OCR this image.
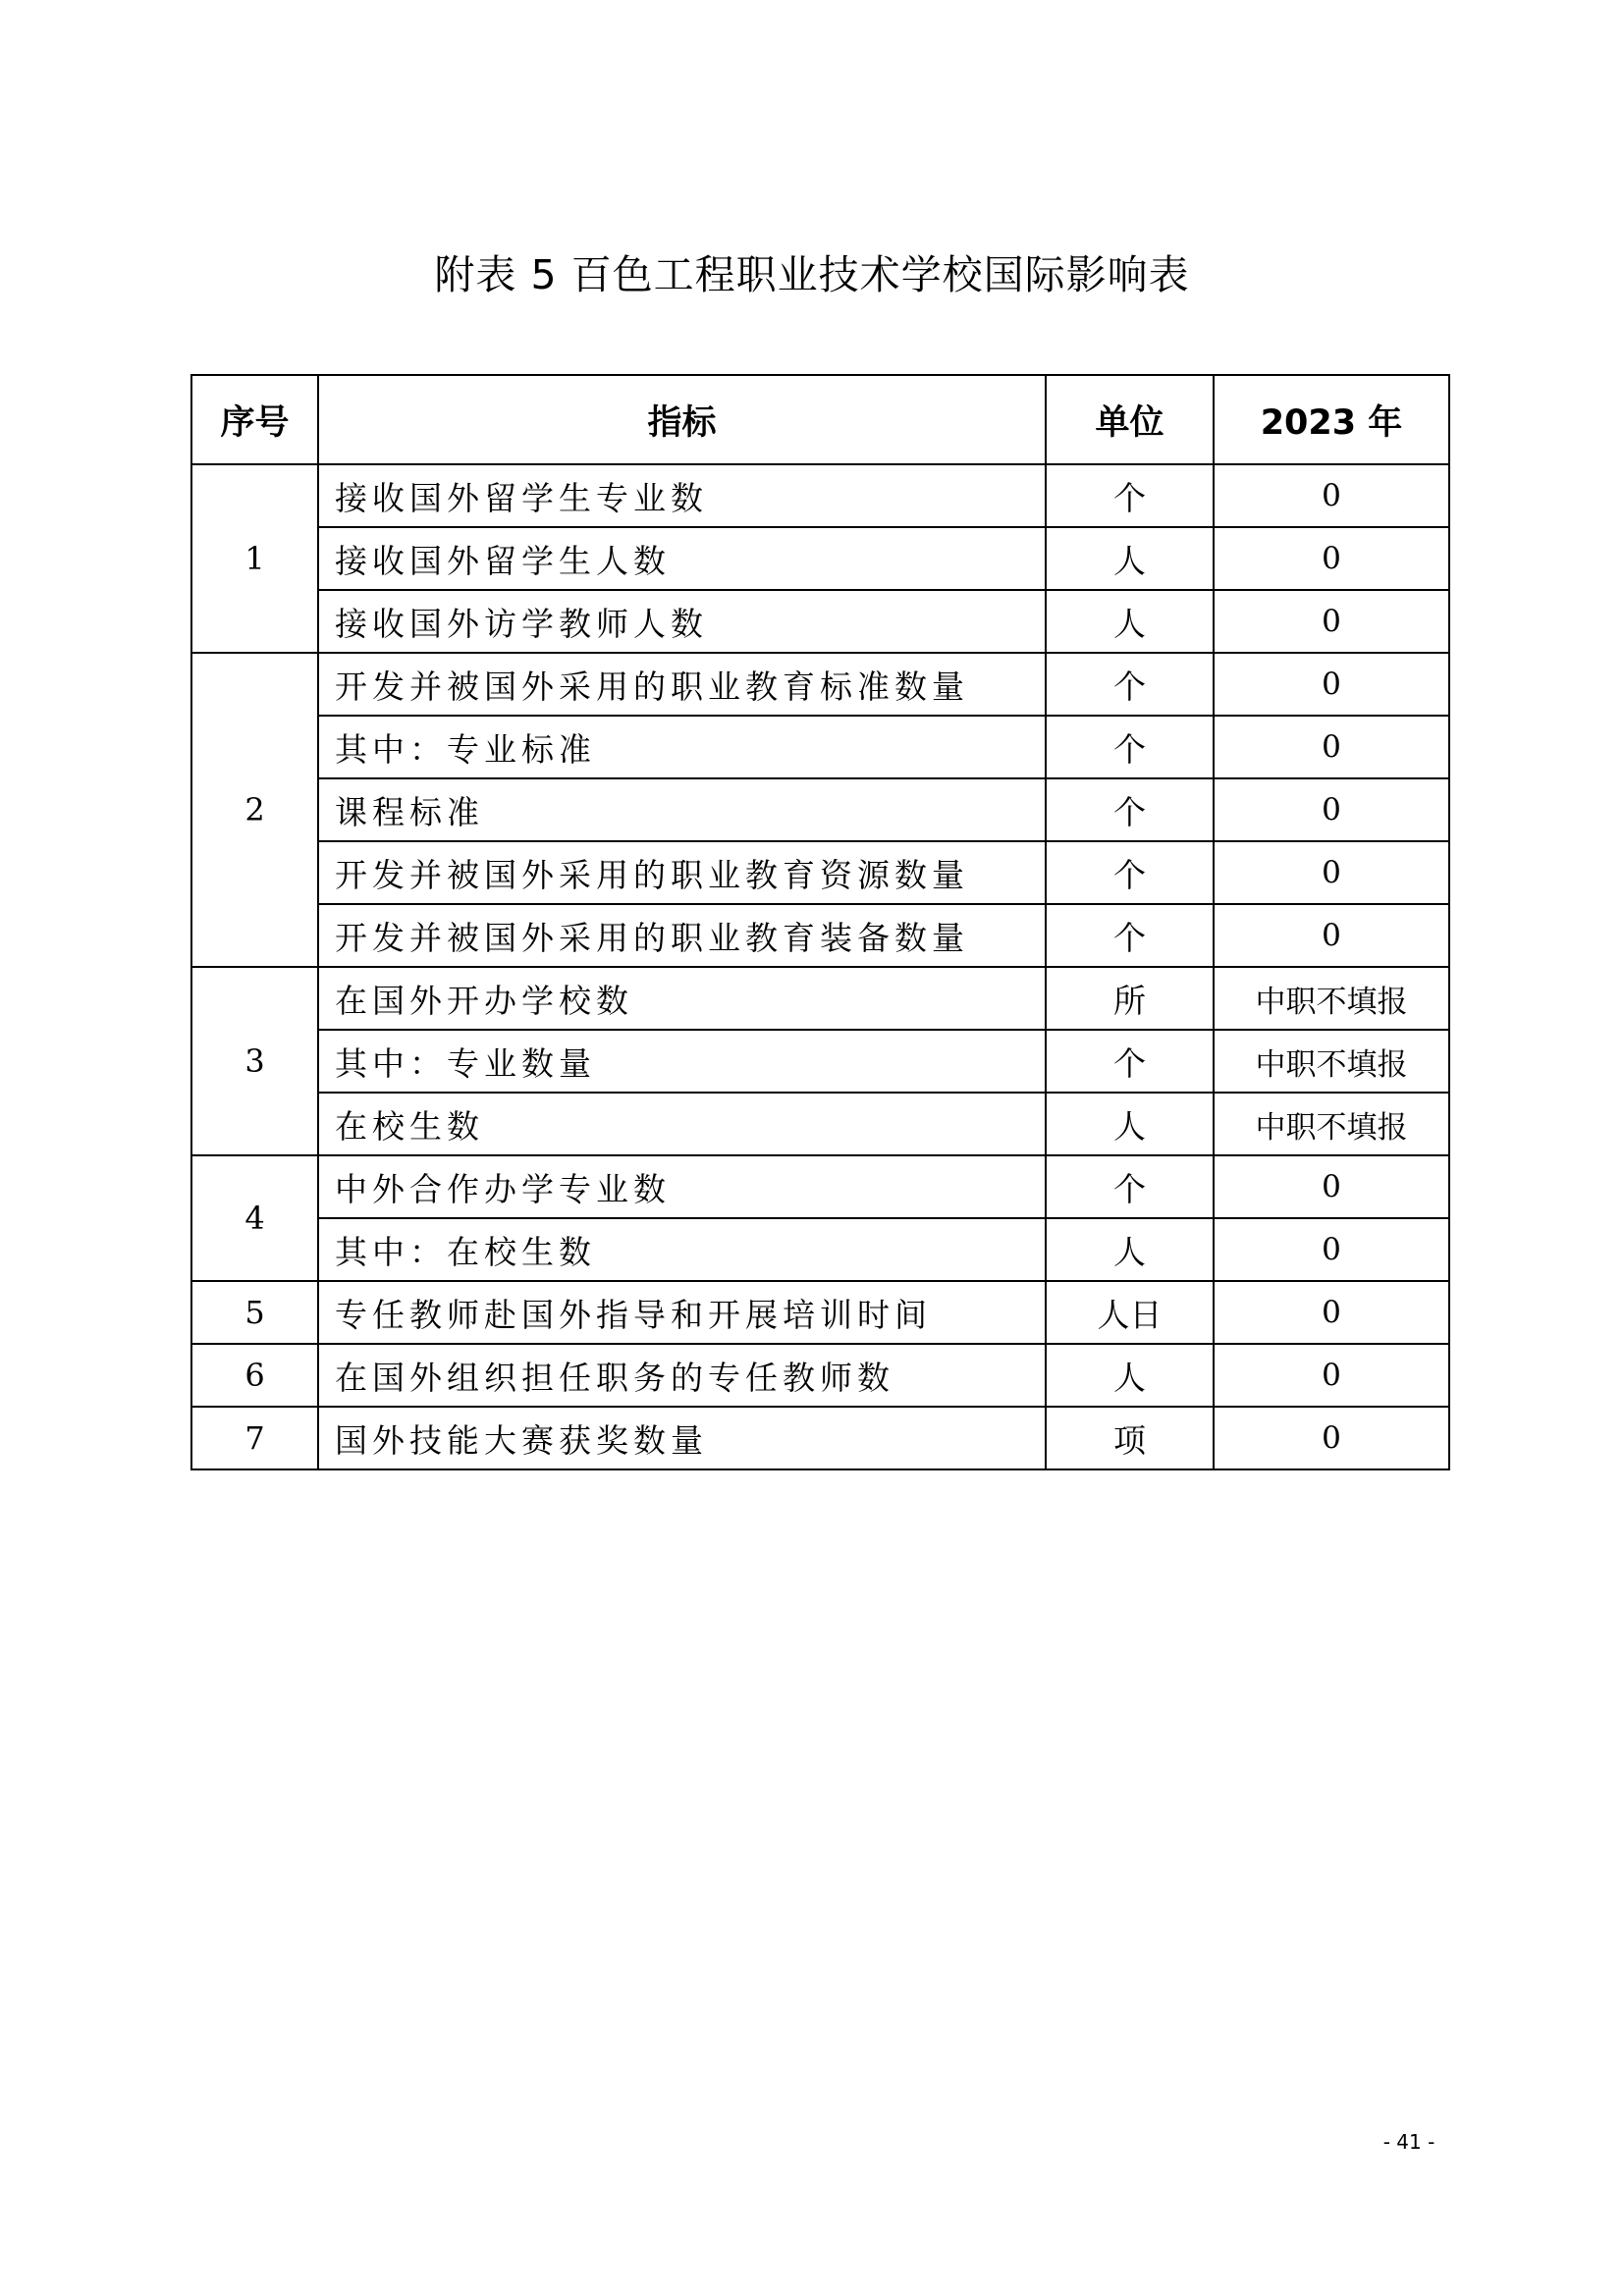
附表 5 百色工程职业技术学校国际影响表
序号	指标	单位	2023 年
1	接收国外留学生专业数	个	0
	接收国外留学生人数	人	0
	接收国外访学教师人数	人	0
2	开发并被国外采用的职业教育标准数量	个	0
	其中：专业标准	个	0
	课程标准	个	0
	开发并被国外采用的职业教育资源数量	个	0
	开发并被国外采用的职业教育装备数量	个	0
3	在国外开办学校数	所	中职不填报
	其中：专业数量	个	中职不填报
	在校生数	人	中职不填报
4	中外合作办学专业数	个	0
	其中：在校生数	人	0
5	专任教师赴国外指导和开展培训时间	人日	0
6	在国外组织担任职务的专任教师数	人	0
7	国外技能大赛获奖数量	项	0
- 41 -
